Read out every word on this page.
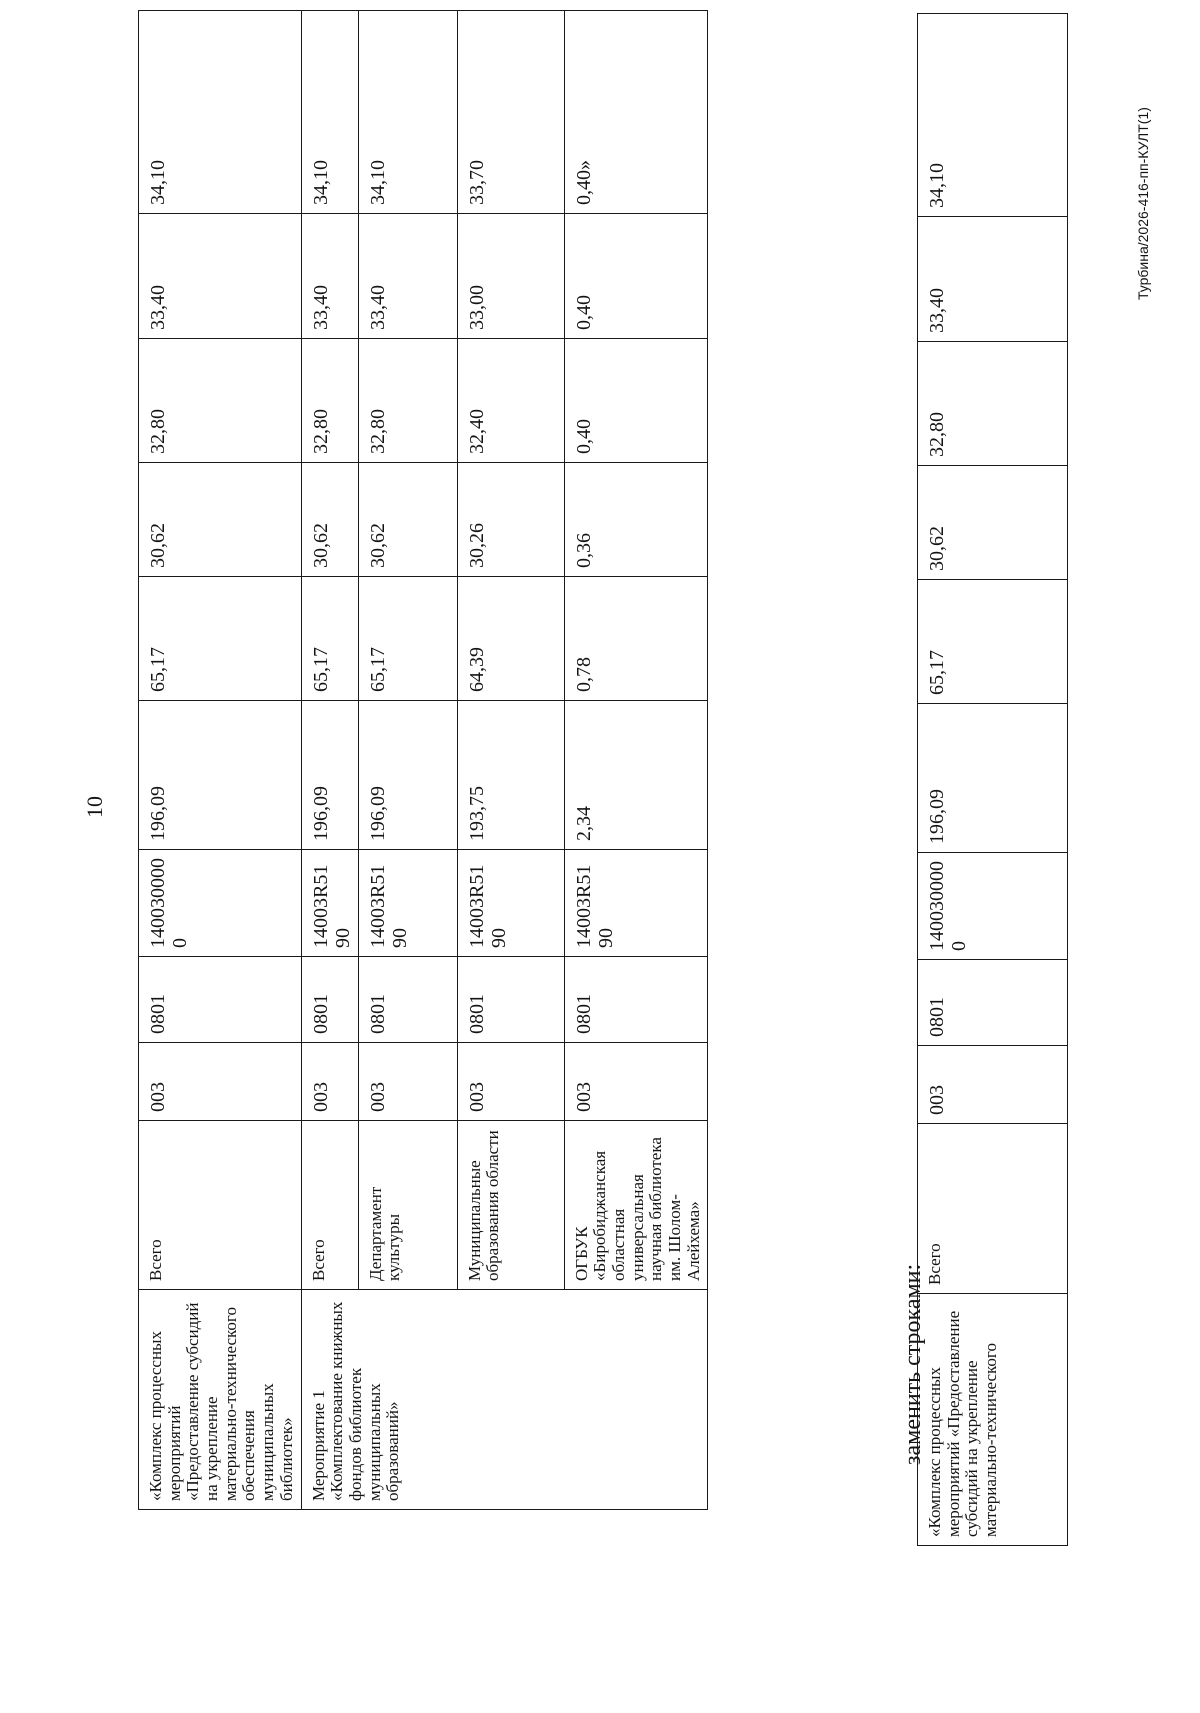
10
«Комплекс процессных мероприятий «Предоставление субсидий на укрепление материально-технического обеспечения муниципальных библиотек»	Всего	003	0801	140030000 0	196,09	65,17	30,62	32,80	33,40	34,10
Мероприятие 1 «Комплектование книжных фондов библиотек муниципальных образований»	Всего	003	0801	14003R51 90	196,09	65,17	30,62	32,80	33,40	34,10
	Департамент культуры	003	0801	14003R51 90	196,09	65,17	30,62	32,80	33,40	34,10
	Муниципальные образования области	003	0801	14003R51 90	193,75	64,39	30,26	32,40	33,00	33,70
	ОГБУК «Биробиджанская областная универсальная научная библиотека им. Шолом-Алейхема»	003	0801	14003R51 90	2,34	0,78	0,36	0,40	0,40	0,40»
заменить строками: «Комплекс процессных мероприятий «Предоставление субсидий на укрепление материально-технического	Всего	003	0801	140030000 0	196,09	65,17	30,62	32,80	33,40	34,10	Турбина/2026-416-пп-КУЛТ(1)
